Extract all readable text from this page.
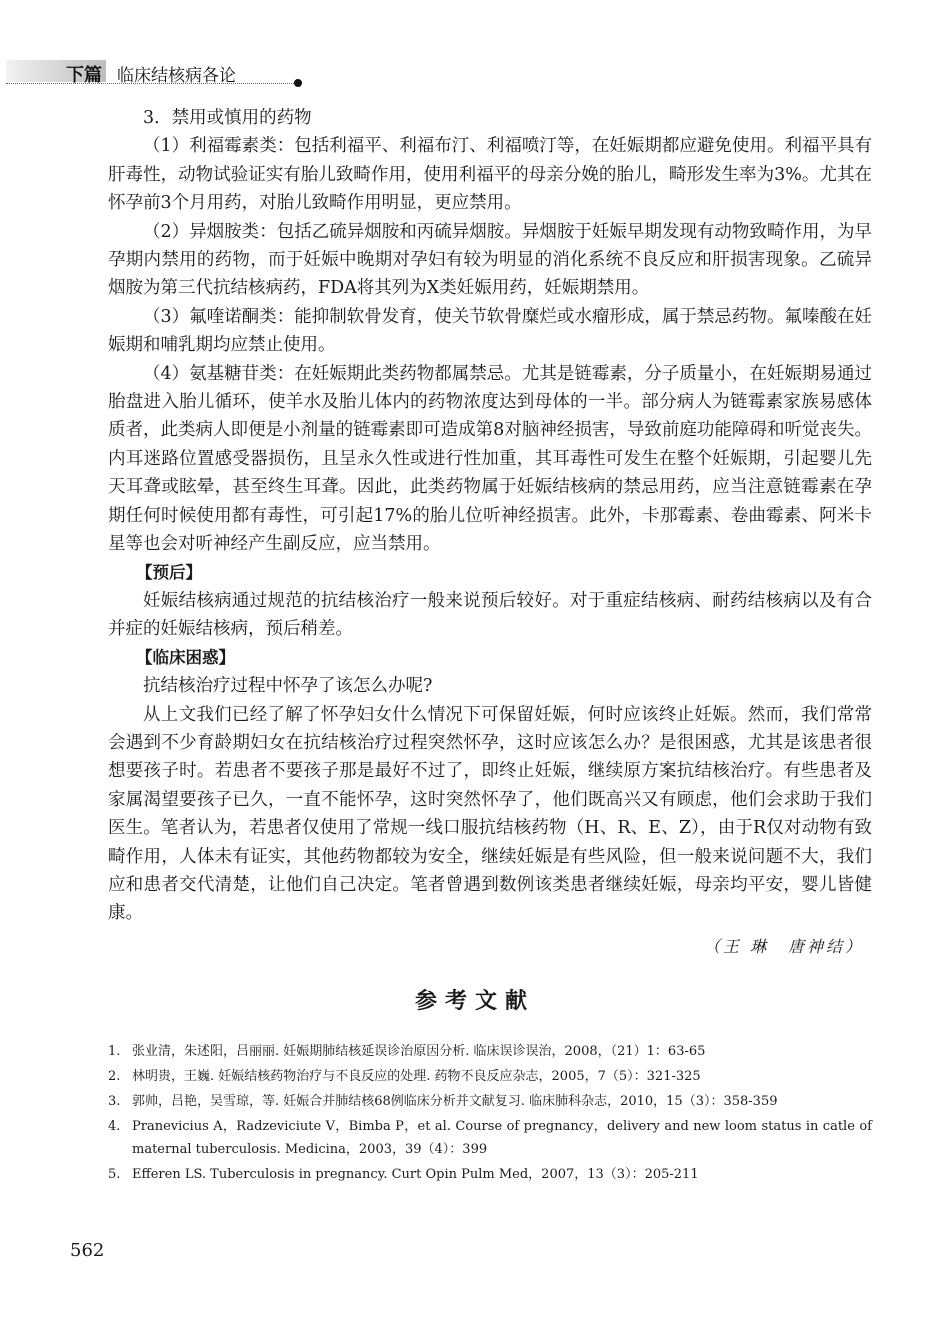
下篇 临床结核病各论

3．禁用或慎用的药物

（1）利福霉素类：包括利福平、利福布汀、利福喷汀等，在妊娠期都应避免使用。利福平具有肝毒性，动物试验证实有胎儿致畸作用，使用利福平的母亲分娩的胎儿，畸形发生率为3%。尤其在怀孕前3个月用药，对胎儿致畸作用明显，更应禁用。

（2）异烟胺类：包括乙硫异烟胺和丙硫异烟胺。异烟胺于妊娠早期发现有动物致畸作用，为早孕期内禁用的药物，而于妊娠中晚期对孕妇有较为明显的消化系统不良反应和肝损害现象。乙硫异烟胺为第三代抗结核病药，FDA将其列为X类妊娠用药，妊娠期禁用。

（3）氟喹诺酮类：能抑制软骨发育，使关节软骨糜烂或水瘤形成，属于禁忌药物。氟嗪酸在妊娠期和哺乳期均应禁止使用。

（4）氨基糖苷类：在妊娠期此类药物都属禁忌。尤其是链霉素，分子质量小，在妊娠期易通过胎盘进入胎儿循环，使羊水及胎儿体内的药物浓度达到母体的一半。部分病人为链霉素家族易感体质者，此类病人即便是小剂量的链霉素即可造成第8对脑神经损害，导致前庭功能障碍和听觉丧失。内耳迷路位置感受器损伤，且呈永久性或进行性加重，其耳毒性可发生在整个妊娠期，引起婴儿先天耳聋或眩晕，甚至终生耳聋。因此，此类药物属于妊娠结核病的禁忌用药，应当注意链霉素在孕期任何时候使用都有毒性，可引起17%的胎儿位听神经损害。此外，卡那霉素、卷曲霉素、阿米卡星等也会对听神经产生副反应，应当禁用。

【预后】

妊娠结核病通过规范的抗结核治疗一般来说预后较好。对于重症结核病、耐药结核病以及有合并症的妊娠结核病，预后稍差。

【临床困惑】

抗结核治疗过程中怀孕了该怎么办呢?

从上文我们已经了解了怀孕妇女什么情况下可保留妊娠，何时应该终止妊娠。然而，我们常常会遇到不少育龄期妇女在抗结核治疗过程突然怀孕，这时应该怎么办？是很困惑，尤其是该患者很想要孩子时。若患者不要孩子那是最好不过了，即终止妊娠，继续原方案抗结核治疗。有些患者及家属渴望要孩子已久，一直不能怀孕，这时突然怀孕了，他们既高兴又有顾虑，他们会求助于我们医生。笔者认为，若患者仅使用了常规一线口服抗结核药物（H、R、E、Z），由于R仅对动物有致畸作用，人体未有证实，其他药物都较为安全，继续妊娠是有些风险，但一般来说问题不大，我们应和患者交代清楚，让他们自己决定。笔者曾遇到数例该类患者继续妊娠，母亲均平安，婴儿皆健康。

（王 琳　唐神结）
参考文献
1. 张业清，朱述阳，吕丽丽. 妊娠期肺结核延误诊治原因分析. 临床误诊误治，2008，（21）1：63-65
2. 林明贵，王巍. 妊娠结核药物治疗与不良反应的处理. 药物不良反应杂志，2005，7（5）：321-325
3. 郭帅，吕艳，吴雪琼，等. 妊娠合并肺结核68例临床分析并文献复习. 临床肺科杂志，2010，15（3）：358-359
4. Pranevicius A，Radzeviciute V，Bimba P，et al. Course of pregnancy，delivery and new loom status in catle of maternal tuberculosis. Medicina，2003，39（4）：399
5. Efferen LS. Tuberculosis in pregnancy. Curt Opin Pulm Med，2007，13（3）：205-211
562
